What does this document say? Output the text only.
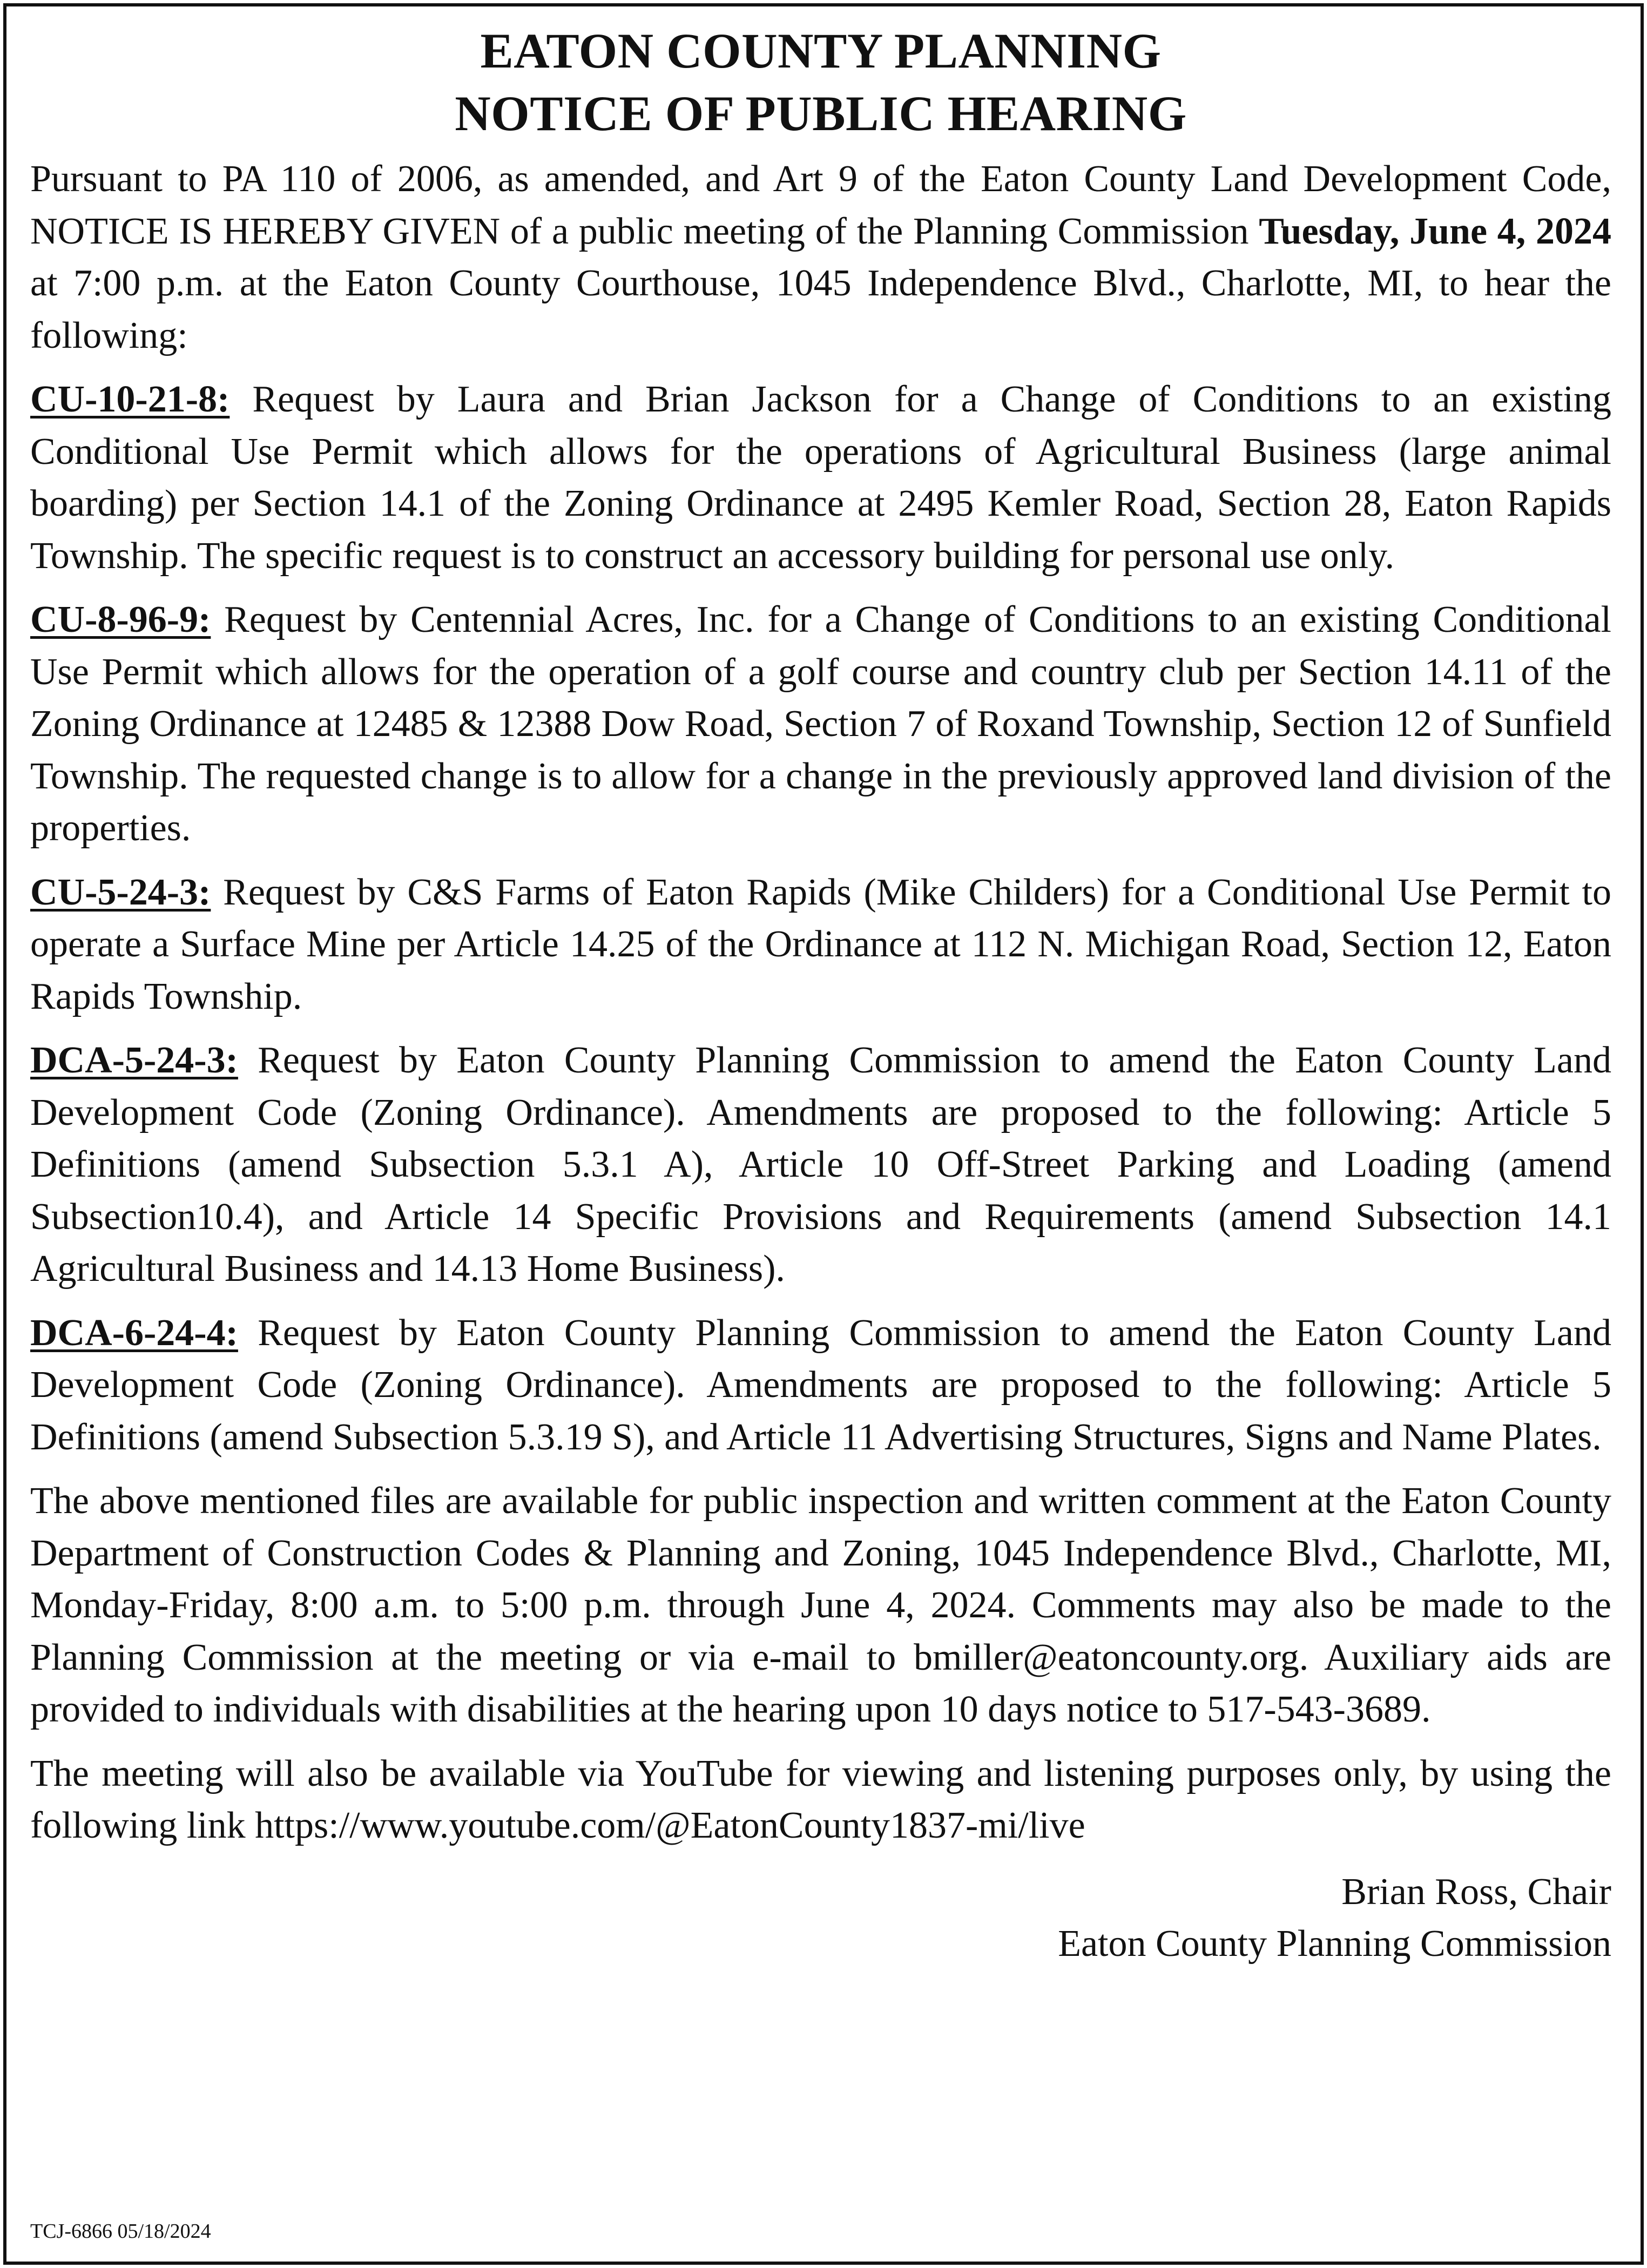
EATON COUNTY PLANNING
NOTICE OF PUBLIC HEARING

Pursuant to PA 110 of 2006, as amended, and Art 9 of the Eaton County Land Development Code, NOTICE IS HEREBY GIVEN of a public meeting of the Planning Commission Tuesday, June 4, 2024 at 7:00 p.m. at the Eaton County Courthouse, 1045 Independence Blvd., Charlotte, MI, to hear the following:

CU-10-21-8: Request by Laura and Brian Jackson for a Change of Conditions to an existing Conditional Use Permit which allows for the operations of Agricultural Business (large animal boarding) per Section 14.1 of the Zoning Ordinance at 2495 Kemler Road, Section 28, Eaton Rapids Township. The specific request is to construct an accessory building for personal use only.

CU-8-96-9: Request by Centennial Acres, Inc. for a Change of Conditions to an existing Conditional Use Permit which allows for the operation of a golf course and country club per Section 14.11 of the Zoning Ordinance at 12485 & 12388 Dow Road, Section 7 of Roxand Township, Section 12 of Sunfield Township. The requested change is to allow for a change in the previously approved land division of the properties.

CU-5-24-3: Request by C&S Farms of Eaton Rapids (Mike Childers) for a Conditional Use Permit to operate a Surface Mine per Article 14.25 of the Ordinance at 112 N. Michigan Road, Section 12, Eaton Rapids Township.

DCA-5-24-3: Request by Eaton County Planning Commission to amend the Eaton County Land Development Code (Zoning Ordinance). Amendments are proposed to the following: Article 5 Definitions (amend Subsection 5.3.1 A), Article 10 Off-Street Parking and Loading (amend Subsection10.4), and Article 14 Specific Provisions and Requirements (amend Subsection 14.1 Agricultural Business and 14.13 Home Business).

DCA-6-24-4: Request by Eaton County Planning Commission to amend the Eaton County Land Development Code (Zoning Ordinance). Amendments are proposed to the following: Article 5 Definitions (amend Subsection 5.3.19 S), and Article 11 Advertising Structures, Signs and Name Plates.

The above mentioned files are available for public inspection and written comment at the Eaton County Department of Construction Codes & Planning and Zoning, 1045 Independence Blvd., Charlotte, MI, Monday-Friday, 8:00 a.m. to 5:00 p.m. through June 4, 2024. Comments may also be made to the Planning Commission at the meeting or via e-mail to bmiller@eatoncounty.org. Auxiliary aids are provided to individuals with disabilities at the hearing upon 10 days notice to 517-543-3689.

The meeting will also be available via YouTube for viewing and listening purposes only, by using the following link https://www.youtube.com/@EatonCounty1837-mi/live

Brian Ross, Chair
Eaton County Planning Commission
TCJ-6866 05/18/2024
